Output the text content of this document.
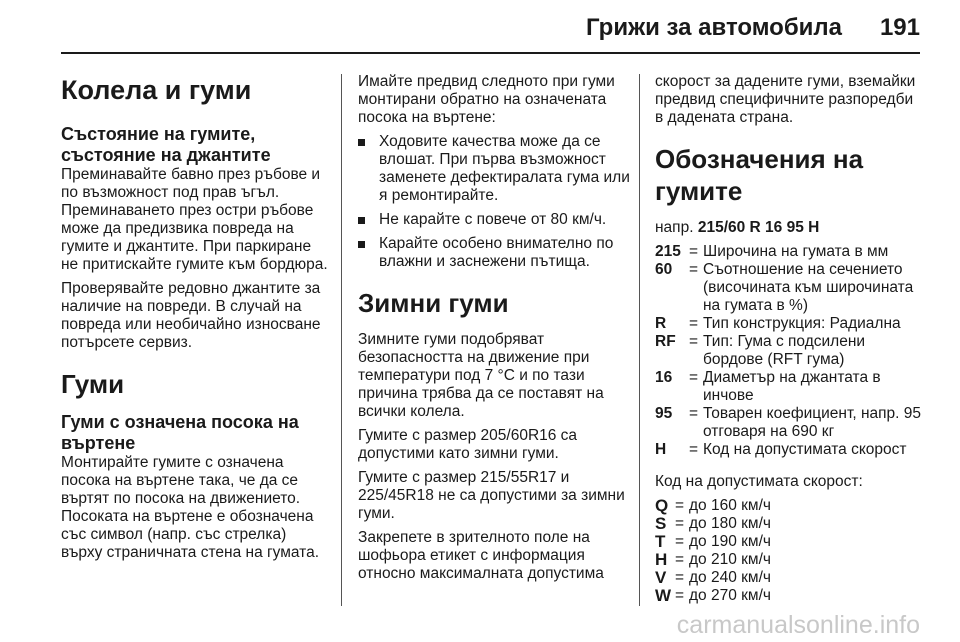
Грижи за автомобила 191
Колела и гуми
Състояние на гумите, състояние на джантите

Преминавайте бавно през ръбове и по възможност под прав ъгъл. Преминаването през остри ръбове може да предизвика повреда на гумите и джантите. При паркиране не притискайте гумите към бордюра.

Проверявайте редовно джантите за наличие на повреди. В случай на повреда или необичайно износване потърсете сервиз.

Гуми
Гуми с означена посока на въртене

Монтирайте гумите с означена посока на въртене така, че да се въртят по посока на движението. Посоката на въртене е обозначена със символ (напр. със стрелка) върху страничната стена на гумата.

Имайте предвид следното при гуми монтирани обратно на означената посока на въртене:

Ходовите качества може да се влошат. При първа възможност заменете дефектиралата гума или я ремонтирайте.
Не карайте с повече от 80 км/ч.
Карайте особено внимателно по влажни и заснежени пътища.
Зимни гуми

Зимните гуми подобряват безопасността на движение при температури под 7 °C и по тази причина трябва да се поставят на всички колела.

Гумите с размер 205/60R16 са допустими като зимни гуми.

Гумите с размер 215/55R17 и 225/45R18 не са допустими за зимни гуми.

Закрепете в зрителното поле на шофьора етикет с информация относно максималната допустима

скорост за дадените гуми, вземайки предвид специфичните разпоредби в дадената страна.

Обозначения на гумите
напр. 215/60 R 16 95 H
215 = Широчина на гумата в мм
60	= Съотношение на сечението (височината към широчината на гумата в %)
R	= Тип конструкция: Радиална
RF = Тип: Гума с подсилени бордове (RFT гума)
16	= Диаметър на джантата в инчове
95	= Товарен коефициент, напр. 95 отговаря на 690 кг
H	= Код на допустимата скорост

Код на допустимата скорост:

Q = до 160 км/ч
S = до 180 км/ч
T = до 190 км/ч
H = до 210 км/ч
V = до 240 км/ч
W = до 270 км/ч
carmanualsonline.info
